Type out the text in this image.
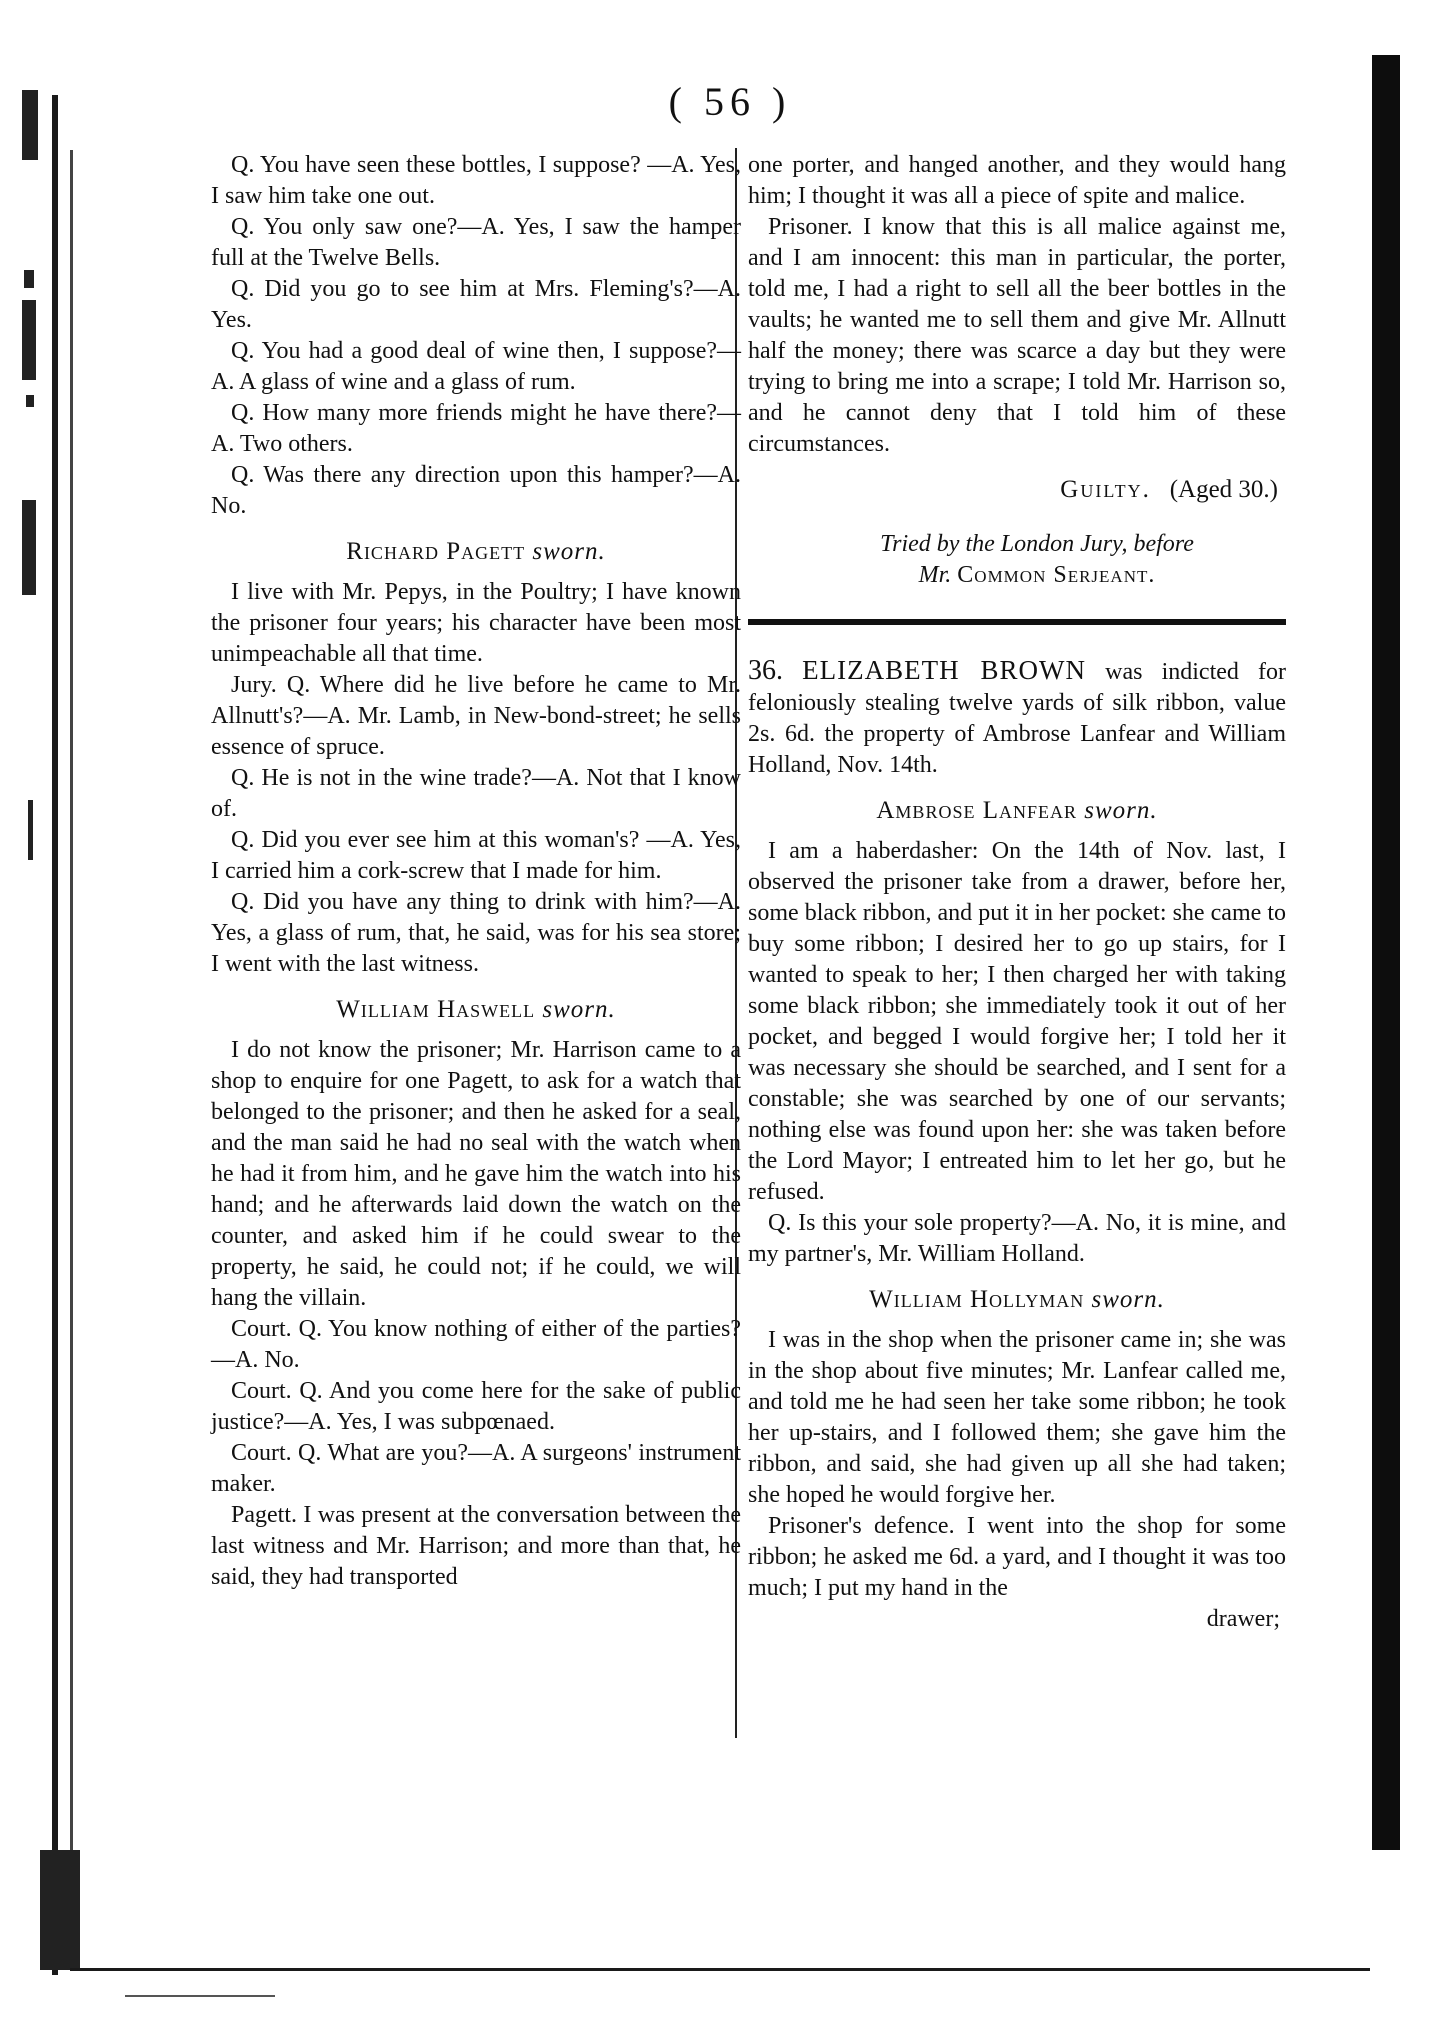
( 56 )

Q. You have seen these bottles, I suppose? —A. Yes, I saw him take one out.

Q. You only saw one?—A. Yes, I saw the hamper full at the Twelve Bells.

Q. Did you go to see him at Mrs. Fleming's?—A. Yes.

Q. You had a good deal of wine then, I suppose?—A. A glass of wine and a glass of rum.

Q. How many more friends might he have there?—A. Two others.

Q. Was there any direction upon this hamper?—A. No.

Richard Pagett sworn.

I live with Mr. Pepys, in the Poultry; I have known the prisoner four years; his character have been most unimpeachable all that time.

Jury. Q. Where did he live before he came to Mr. Allnutt's?—A. Mr. Lamb, in New-bond-street; he sells essence of spruce.

Q. He is not in the wine trade?—A. Not that I know of.

Q. Did you ever see him at this woman's? —A. Yes, I carried him a cork-screw that I made for him.

Q. Did you have any thing to drink with him?—A. Yes, a glass of rum, that, he said, was for his sea store; I went with the last witness.

William Haswell sworn.

I do not know the prisoner; Mr. Harrison came to a shop to enquire for one Pagett, to ask for a watch that belonged to the prisoner; and then he asked for a seal, and the man said he had no seal with the watch when he had it from him, and he gave him the watch into his hand; and he afterwards laid down the watch on the counter, and asked him if he could swear to the property, he said, he could not; if he could, we will hang the villain.

Court. Q. You know nothing of either of the parties?—A. No.

Court. Q. And you come here for the sake of public justice?—A. Yes, I was subpœnaed.

Court. Q. What are you?—A. A surgeons' instrument maker.

Pagett. I was present at the conversation between the last witness and Mr. Harrison; and more than that, he said, they had transported

one porter, and hanged another, and they would hang him; I thought it was all a piece of spite and malice.

Prisoner. I know that this is all malice against me, and I am innocent: this man in particular, the porter, told me, I had a right to sell all the beer bottles in the vaults; he wanted me to sell them and give Mr. Allnutt half the money; there was scarce a day but they were trying to bring me into a scrape; I told Mr. Harrison so, and he cannot deny that I told him of these circumstances.

Guilty. (Aged 30.)

Tried by the London Jury, before

Mr. Common Serjeant.

36. ELIZABETH BROWN was indicted for feloniously stealing twelve yards of silk ribbon, value 2s. 6d. the property of Ambrose Lanfear and William Holland, Nov. 14th.

Ambrose Lanfear sworn.

I am a haberdasher: On the 14th of Nov. last, I observed the prisoner take from a drawer, before her, some black ribbon, and put it in her pocket: she came to buy some ribbon; I desired her to go up stairs, for I wanted to speak to her; I then charged her with taking some black ribbon; she immediately took it out of her pocket, and begged I would forgive her; I told her it was necessary she should be searched, and I sent for a constable; she was searched by one of our servants; nothing else was found upon her: she was taken before the Lord Mayor; I entreated him to let her go, but he refused.

Q. Is this your sole property?—A. No, it is mine, and my partner's, Mr. William Holland.

William Hollyman sworn.

I was in the shop when the prisoner came in; she was in the shop about five minutes; Mr. Lanfear called me, and told me he had seen her take some ribbon; he took her up-stairs, and I followed them; she gave him the ribbon, and said, she had given up all she had taken; she hoped he would forgive her.

Prisoner's defence. I went into the shop for some ribbon; he asked me 6d. a yard, and I thought it was too much; I put my hand in the

drawer;
